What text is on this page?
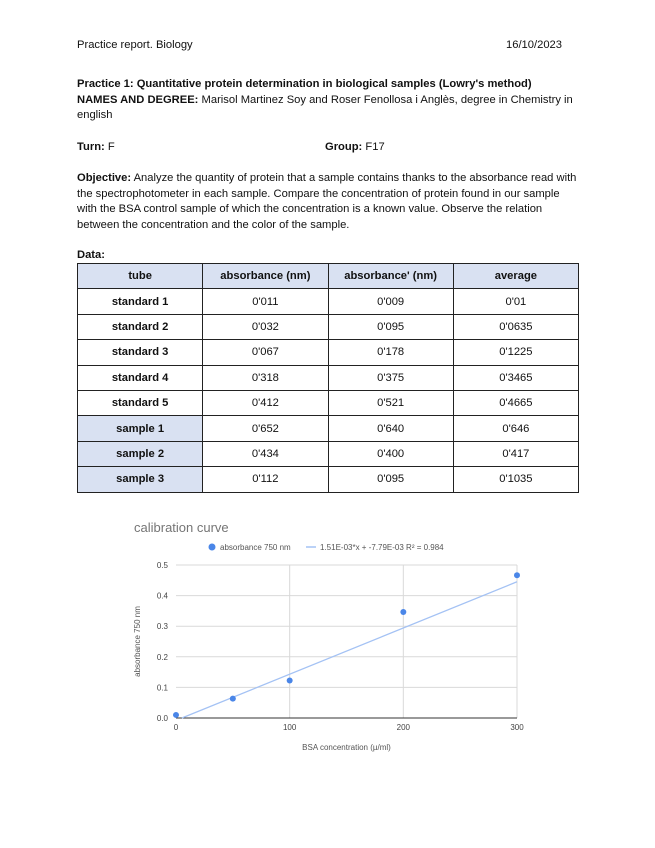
Practice report. Biology	16/10/2023
Practice 1: Quantitative protein determination in biological samples (Lowry's method)
NAMES AND DEGREE: Marisol Martinez Soy and Roser Fenollosa i Anglès, degree in Chemistry in english
Turn: F	Group: F17
Objective: Analyze the quantity of protein that a sample contains thanks to the absorbance read with the spectrophotometer in each sample. Compare the concentration of protein found in our sample with the BSA control sample of which the concentration is a known value. Observe the relation between the concentration and the color of the sample.
Data:
tube	absorbance (nm)	absorbance' (nm)	average
standard 1	0'011	0'009	0'01
standard 2	0'032	0'095	0'0635
standard 3	0'067	0'178	0'1225
standard 4	0'318	0'375	0'3465
standard 5	0'412	0'521	0'4665
sample 1	0'652	0'640	0'646
sample 2	0'434	0'400	0'417
sample 3	0'112	0'095	0'1035
calibration curve
0.0
0.1
0.2
0.3
0.4
0.5
0	100	200	300
absorbance 750 nm	1.51E-03*x + -7.79E-03 R² = 0.984
BSA concentration (µ/ml)
absorbance 750 nm
